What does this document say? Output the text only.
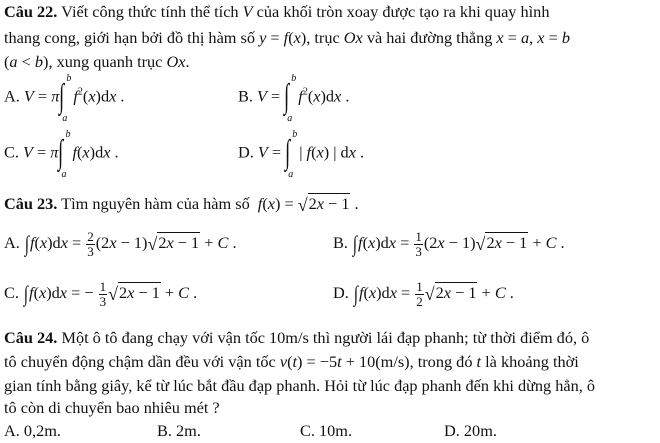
Câu 22. Viết công thức tính thể tích V của khối tròn xoay được tạo ra khi quay hình
thang cong, giới hạn bởi đồ thị hàm số y = f(x), trục Ox và hai đường thẳng x = a, x = b
(a < b), xung quanh trục Ox.
A. V = π ∫ b
a
$f^2(x)dx$ .	B. V = ∫ b
a
$f^2(x)dx$ .
C. V = π ∫ b
a
f(x)dx .	D. V = ∫ b
a
| f(x) | dx .
Câu 23. Tìm nguyên hàm của hàm số f(x) = √2x − 1 .
A. $\int f(x)dx = \frac{2}{3} (2x - 1)√2x - 1 + C$ .	B. $\int f(x)dx = \frac{1}{3} (2x - 1)√2x - 1 + C$ .
C. ∫f(x)dx = − $\frac{1}{3} √2x - 1 + C$ .	D. $\int f(x)dx = \frac{1}{2} √2x - 1 + C$ .
Câu 24. Một ô tô đang chạy với vận tốc 10m/s thì người lái đạp phanh; từ thời điểm đó, ô
tô chuyển động chậm dần đều với vận tốc v(t) = −5t + 10(m/s), trong đó t là khoảng thời
gian tính bằng giây, kể từ lúc bắt đầu đạp phanh. Hỏi từ lúc đạp phanh đến khi dừng hẳn, ô
tô còn di chuyển bao nhiêu mét ?
A. 0,2m.	B. 2m.	C. 10m.	D. 20m.
